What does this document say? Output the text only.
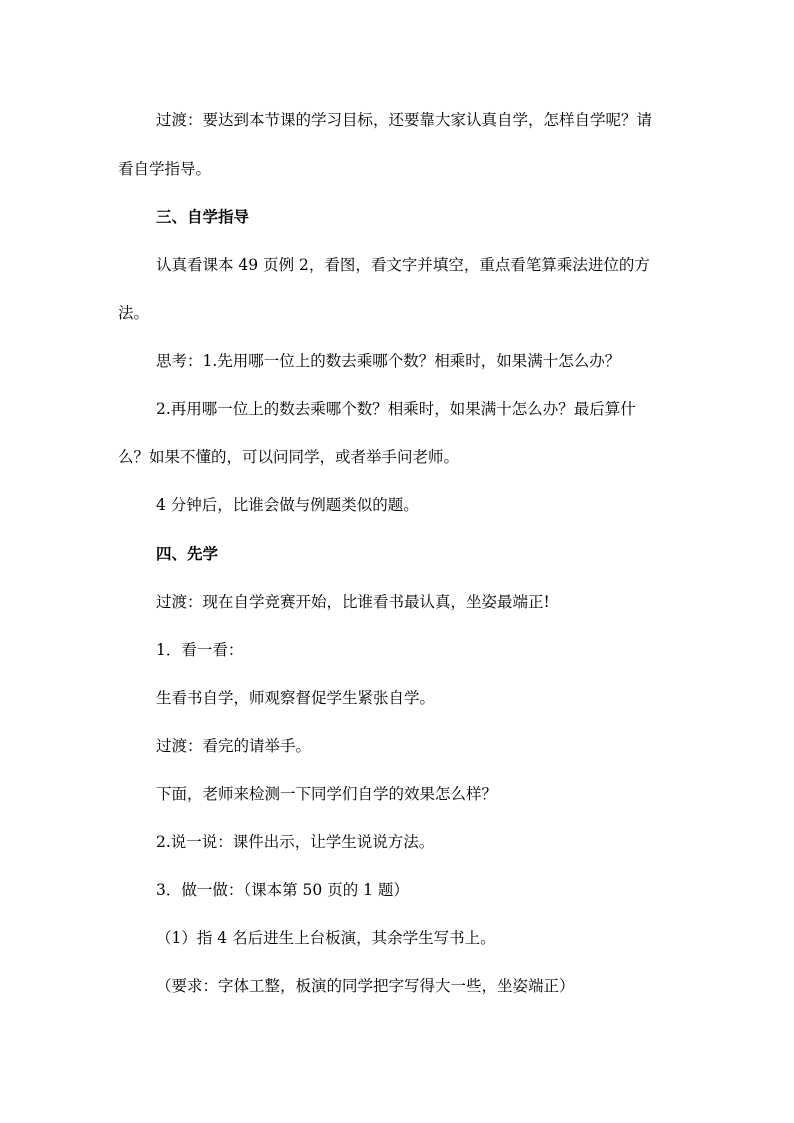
过渡：要达到本节课的学习目标，还要靠大家认真自学，怎样自学呢？请
看自学指导。
三、自学指导
认真看课本 49 页例 2，看图，看文字并填空，重点看笔算乘法进位的方
法。
思考：1.先用哪一位上的数去乘哪个数？相乘时，如果满十怎么办？
2.再用哪一位上的数去乘哪个数？相乘时，如果满十怎么办？最后算什
么？如果不懂的，可以问同学，或者举手问老师。
4 分钟后，比谁会做与例题类似的题。
四、先学
过渡：现在自学竞赛开始，比谁看书最认真，坐姿最端正!
1．看一看：
生看书自学，师观察督促学生紧张自学。
过渡：看完的请举手。
下面，老师来检测一下同学们自学的效果怎么样？
2.说一说：课件出示，让学生说说方法。
3．做一做：（课本第 50 页的 1 题）
（1）指 4 名后进生上台板演，其余学生写书上。
（要求：字体工整，板演的同学把字写得大一些，坐姿端正）
